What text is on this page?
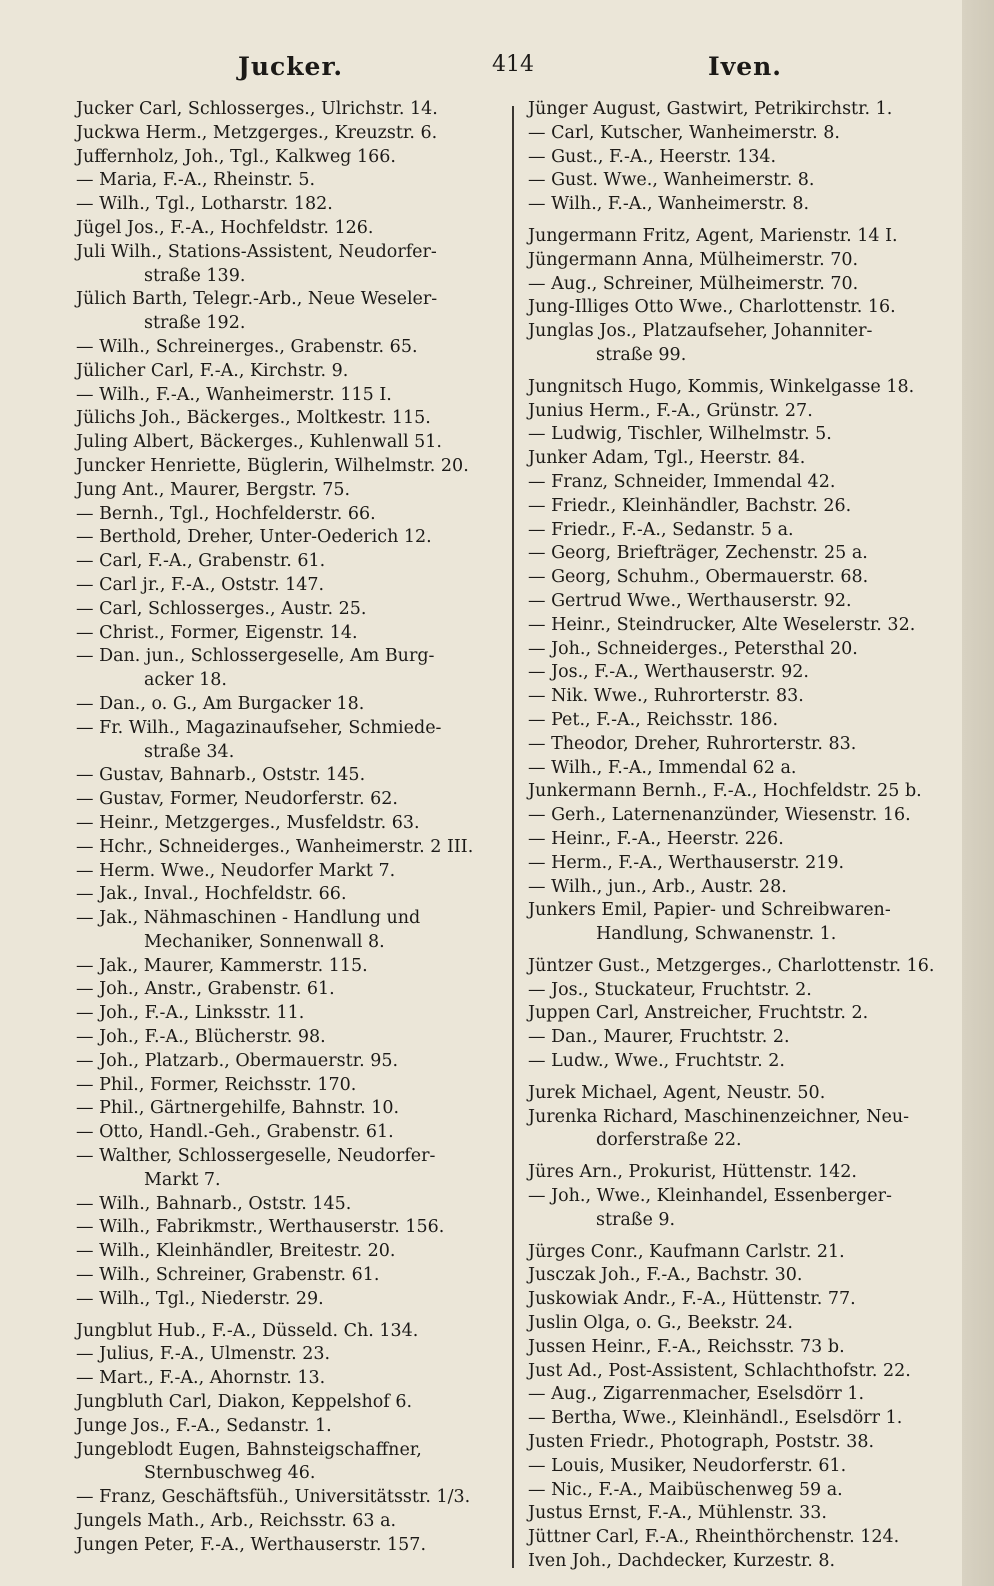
Jucker.	414	Iven.
Jucker Carl, Schlosserges., Ulrichstr. 14.
Juckwa Herm., Metzgerges., Kreuzstr. 6.
Juffernholz, Joh., Tgl., Kalkweg 166.
— Maria, F.-A., Rheinstr. 5.
— Wilh., Tgl., Lotharstr. 182.
Jügel Jos., F.-A., Hochfeldstr. 126.
Juli Wilh., Stations-Assistent, Neudorfer-
straße 139.
Jülich Barth, Telegr.-Arb., Neue Weseler-
straße 192.
— Wilh., Schreinerges., Grabenstr. 65.
Jülicher Carl, F.-A., Kirchstr. 9.
— Wilh., F.-A., Wanheimerstr. 115 I.
Jülichs Joh., Bäckerges., Moltkestr. 115.
Juling Albert, Bäckerges., Kuhlenwall 51.
Juncker Henriette, Büglerin, Wilhelmstr. 20.
Jung Ant., Maurer, Bergstr. 75.
— Bernh., Tgl., Hochfelderstr. 66.
— Berthold, Dreher, Unter-Oederich 12.
— Carl, F.-A., Grabenstr. 61.
— Carl jr., F.-A., Oststr. 147.
— Carl, Schlosserges., Austr. 25.
— Christ., Former, Eigenstr. 14.
— Dan. jun., Schlossergeselle, Am Burg-
acker 18.
— Dan., o. G., Am Burgacker 18.
— Fr. Wilh., Magazinaufseher, Schmiede-
straße 34.
— Gustav, Bahnarb., Oststr. 145.
— Gustav, Former, Neudorferstr. 62.
— Heinr., Metzgerges., Musfeldstr. 63.
— Hchr., Schneiderges., Wanheimerstr. 2 III.
— Herm. Wwe., Neudorfer Markt 7.
— Jak., Inval., Hochfeldstr. 66.
— Jak., Nähmaschinen - Handlung und
Mechaniker, Sonnenwall 8.
— Jak., Maurer, Kammerstr. 115.
— Joh., Anstr., Grabenstr. 61.
— Joh., F.-A., Linksstr. 11.
— Joh., F.-A., Blücherstr. 98.
— Joh., Platzarb., Obermauerstr. 95.
— Phil., Former, Reichsstr. 170.
— Phil., Gärtnergehilfe, Bahnstr. 10.
— Otto, Handl.-Geh., Grabenstr. 61.
— Walther, Schlossergeselle, Neudorfer-
Markt 7.
— Wilh., Bahnarb., Oststr. 145.
— Wilh., Fabrikmstr., Werthauserstr. 156.
— Wilh., Kleinhändler, Breitestr. 20.
— Wilh., Schreiner, Grabenstr. 61.
— Wilh., Tgl., Niederstr. 29.
Jungblut Hub., F.-A., Düsseld. Ch. 134.
— Julius, F.-A., Ulmenstr. 23.
— Mart., F.-A., Ahornstr. 13.
Jungbluth Carl, Diakon, Keppelshof 6.
Junge Jos., F.-A., Sedanstr. 1.
Jungeblodt Eugen, Bahnsteigschaffner,
Sternbuschweg 46.
— Franz, Geschäftsfüh., Universitätsstr. 1/3.
Jungels Math., Arb., Reichsstr. 63 a.
Jungen Peter, F.-A., Werthauserstr. 157.
Jünger August, Gastwirt, Petrikirchstr. 1.
— Carl, Kutscher, Wanheimerstr. 8.
— Gust., F.-A., Heerstr. 134.
— Gust. Wwe., Wanheimerstr. 8.
— Wilh., F.-A., Wanheimerstr. 8.
Jungermann Fritz, Agent, Marienstr. 14 I.
Jüngermann Anna, Mülheimerstr. 70.
— Aug., Schreiner, Mülheimerstr. 70.
Jung-Illiges Otto Wwe., Charlottenstr. 16.
Junglas Jos., Platzaufseher, Johanniter-
straße 99.
Jungnitsch Hugo, Kommis, Winkelgasse 18.
Junius Herm., F.-A., Grünstr. 27.
— Ludwig, Tischler, Wilhelmstr. 5.
Junker Adam, Tgl., Heerstr. 84.
— Franz, Schneider, Immendal 42.
— Friedr., Kleinhändler, Bachstr. 26.
— Friedr., F.-A., Sedanstr. 5 a.
— Georg, Briefträger, Zechenstr. 25 a.
— Georg, Schuhm., Obermauerstr. 68.
— Gertrud Wwe., Werthauserstr. 92.
— Heinr., Steindrucker, Alte Weselerstr. 32.
— Joh., Schneiderges., Petersthal 20.
— Jos., F.-A., Werthauserstr. 92.
— Nik. Wwe., Ruhrorterstr. 83.
— Pet., F.-A., Reichsstr. 186.
— Theodor, Dreher, Ruhrorterstr. 83.
— Wilh., F.-A., Immendal 62 a.
Junkermann Bernh., F.-A., Hochfeldstr. 25 b.
— Gerh., Laternenanzünder, Wiesenstr. 16.
— Heinr., F.-A., Heerstr. 226.
— Herm., F.-A., Werthauserstr. 219.
— Wilh., jun., Arb., Austr. 28.
Junkers Emil, Papier- und Schreibwaren-
Handlung, Schwanenstr. 1.
Jüntzer Gust., Metzgerges., Charlottenstr. 16.
— Jos., Stuckateur, Fruchtstr. 2.
Juppen Carl, Anstreicher, Fruchtstr. 2.
— Dan., Maurer, Fruchtstr. 2.
— Ludw., Wwe., Fruchtstr. 2.
Jurek Michael, Agent, Neustr. 50.
Jurenka Richard, Maschinenzeichner, Neu-
dorferstraße 22.
Jüres Arn., Prokurist, Hüttenstr. 142.
— Joh., Wwe., Kleinhandel, Essenberger-
straße 9.
Jürges Conr., Kaufmann Carlstr. 21.
Jusczak Joh., F.-A., Bachstr. 30.
Juskowiak Andr., F.-A., Hüttenstr. 77.
Juslin Olga, o. G., Beekstr. 24.
Jussen Heinr., F.-A., Reichsstr. 73 b.
Just Ad., Post-Assistent, Schlachthofstr. 22.
— Aug., Zigarrenmacher, Eselsdörr 1.
— Bertha, Wwe., Kleinhändl., Eselsdörr 1.
Justen Friedr., Photograph, Poststr. 38.
— Louis, Musiker, Neudorferstr. 61.
— Nic., F.-A., Maibüschenweg 59 a.
Justus Ernst, F.-A., Mühlenstr. 33.
Jüttner Carl, F.-A., Rheinthörchenstr. 124.
Iven Joh., Dachdecker, Kurzestr. 8.
